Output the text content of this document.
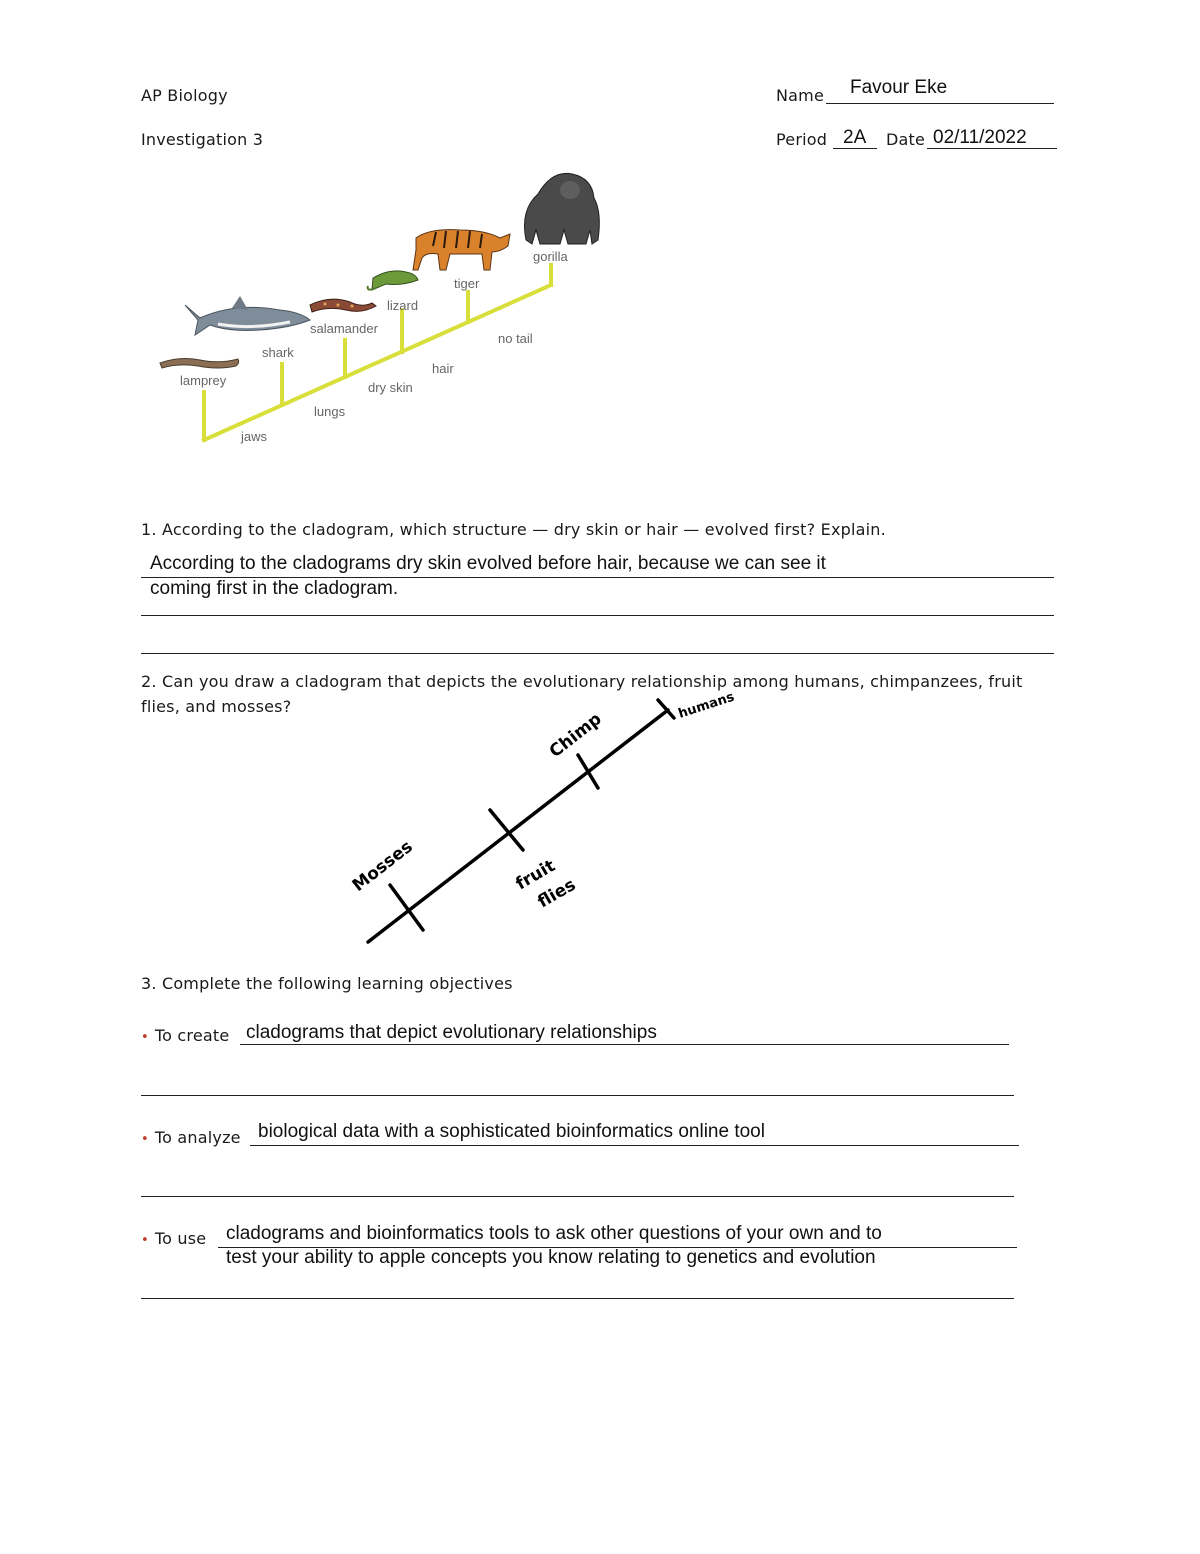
AP Biology
Investigation 3
Name Favour Eke
Period 2A Date 02/11/2022
lamprey
shark
salamander
lizard
tiger
gorilla
jaws
lungs
dry skin
hair
no tail
1. According to the cladogram, which structure — dry skin or hair — evolved first? Explain.
According to the cladograms dry skin evolved before hair, because we can see it
coming first in the cladogram.
2. Can you draw a cladogram that depicts the evolutionary relationship among humans, chimpanzees, fruit
flies, and mosses?
Mosses	fruit
flies
Chimp
humans
3. Complete the following learning objectives
• To create cladograms that depict evolutionary relationships
• To analyze biological data with a sophisticated bioinformatics online tool
• To use cladograms and bioinformatics tools to ask other questions of your own and to
test your ability to apple concepts you know relating to genetics and evolution
